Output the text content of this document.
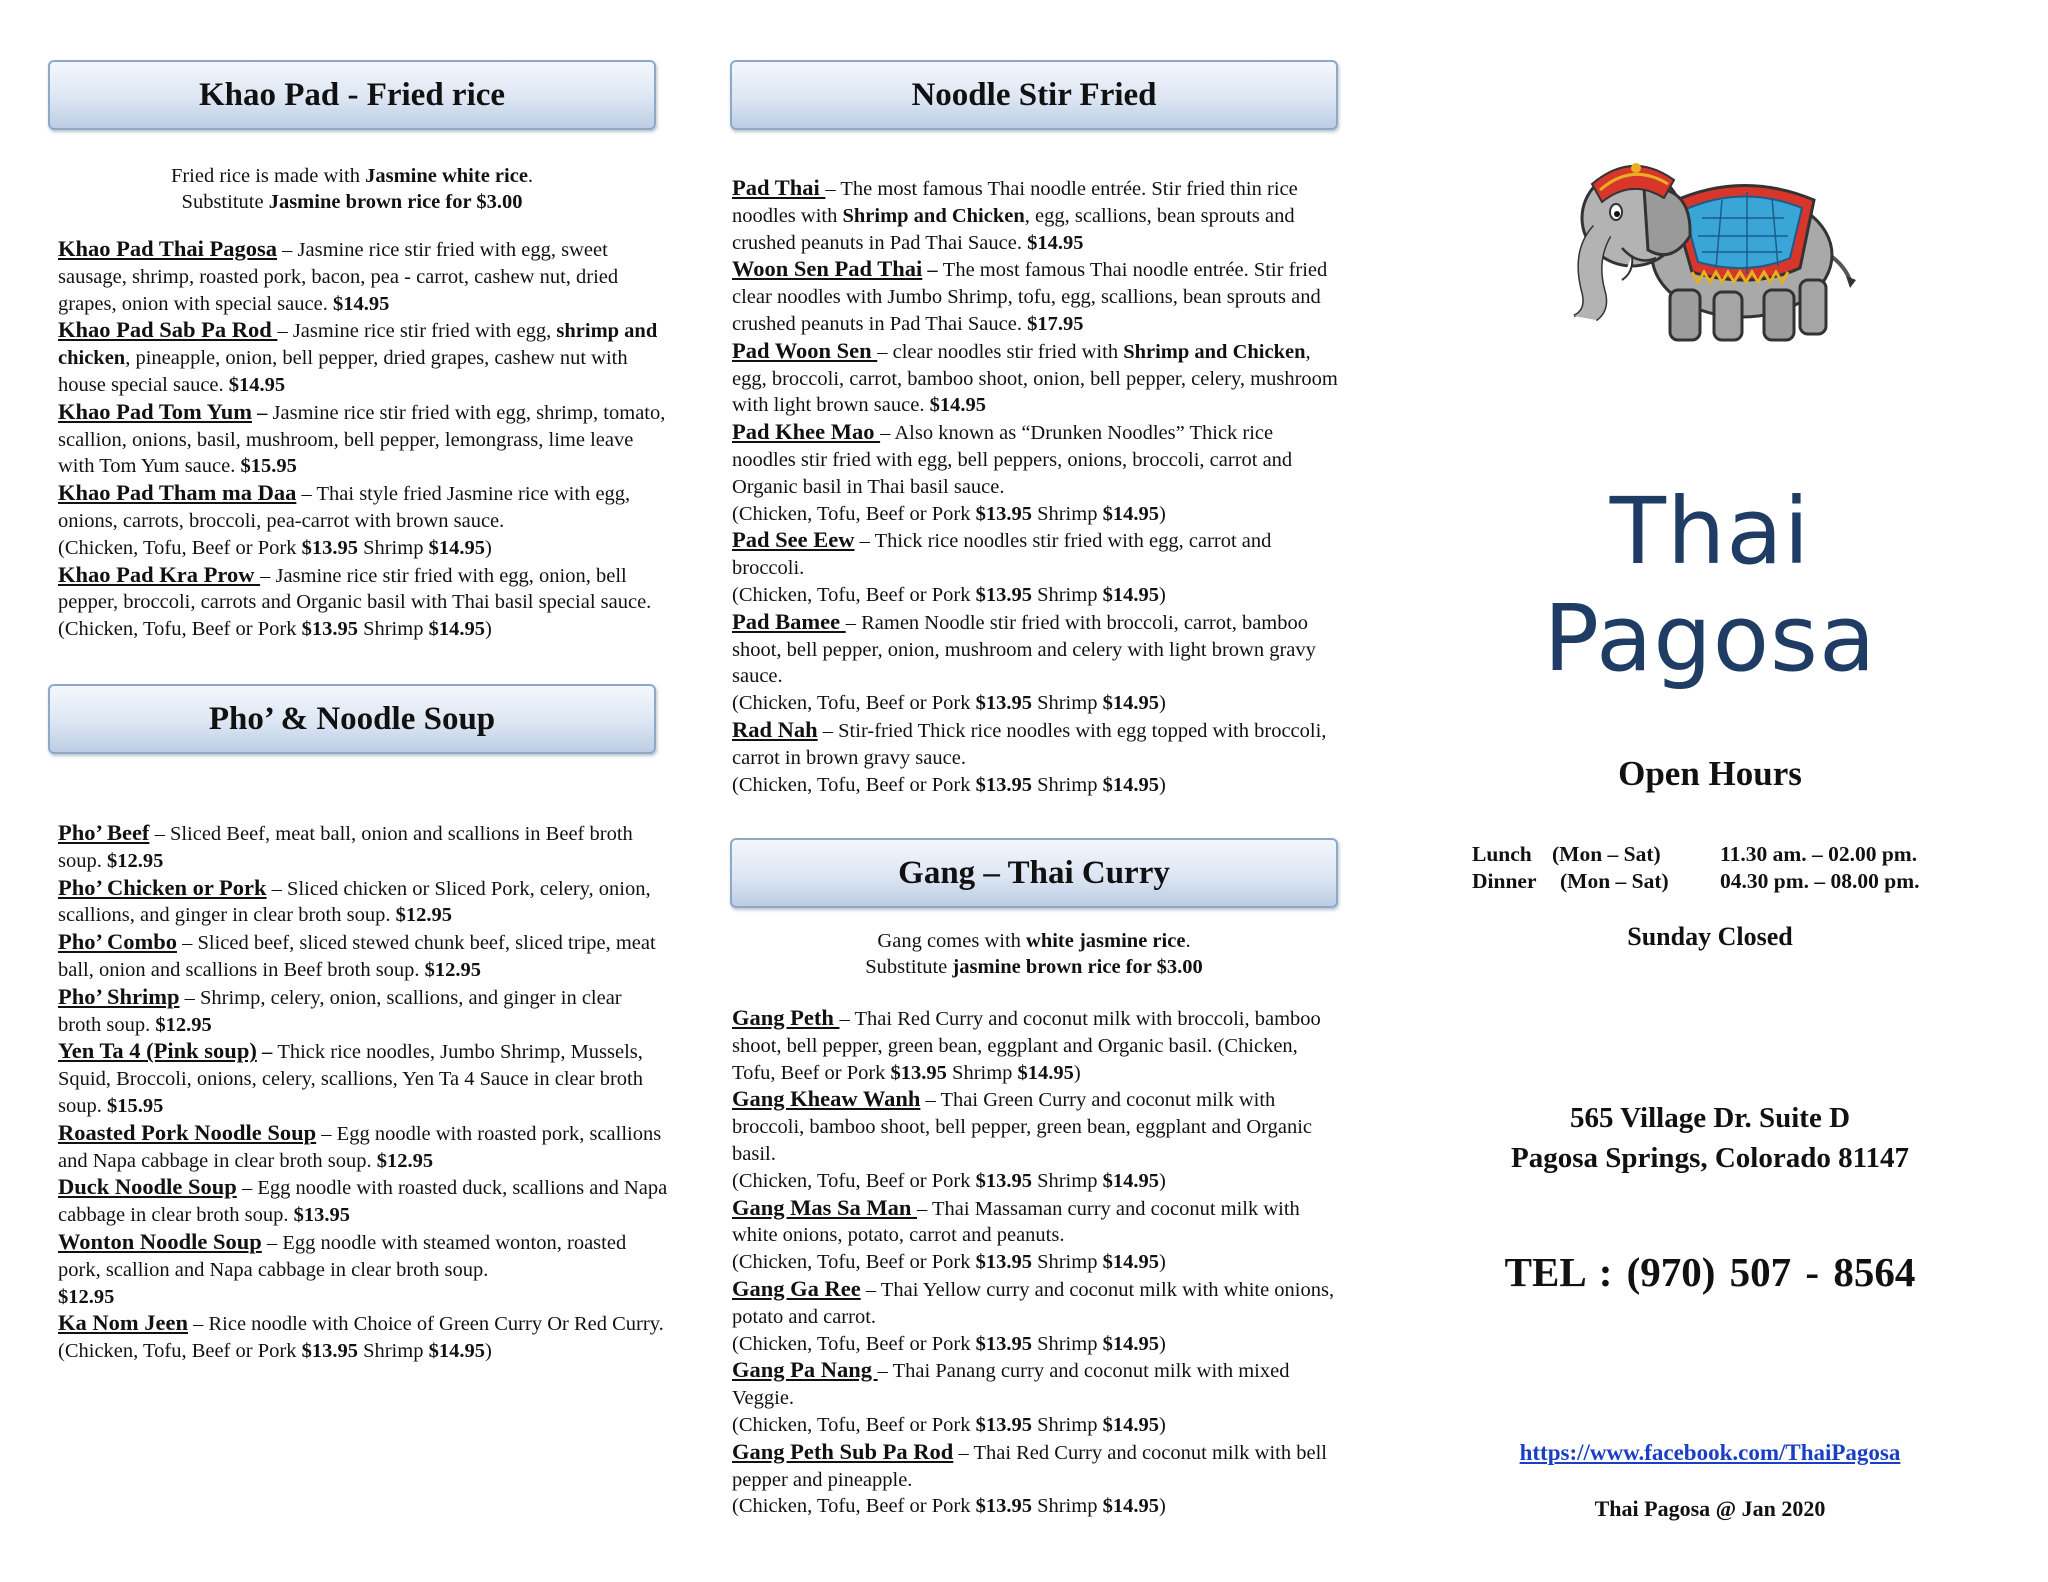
Khao Pad - Fried rice
Fried rice is made with Jasmine white rice.
Substitute Jasmine brown rice for $3.00

Khao Pad Thai Pagosa – Jasmine rice stir fried with egg, sweet sausage, shrimp, roasted pork, bacon, pea - carrot, cashew nut, dried grapes, onion with special sauce. $14.95

Khao Pad Sab Pa Rod – Jasmine rice stir fried with egg, shrimp and chicken, pineapple, onion, bell pepper, dried grapes, cashew nut with house special sauce. $14.95

Khao Pad Tom Yum – Jasmine rice stir fried with egg, shrimp, tomato, scallion, onions, basil, mushroom, bell pepper, lemongrass, lime leave with Tom Yum sauce. $15.95

Khao Pad Tham ma Daa – Thai style fried Jasmine rice with egg, onions, carrots, broccoli, pea-carrot with brown sauce.
(Chicken, Tofu, Beef or Pork $13.95 Shrimp $14.95)

Khao Pad Kra Prow – Jasmine rice stir fried with egg, onion, bell pepper, broccoli, carrots and Organic basil with Thai basil special sauce.
(Chicken, Tofu, Beef or Pork $13.95 Shrimp $14.95)

Pho’ & Noodle Soup

Pho’ Beef – Sliced Beef, meat ball, onion and scallions in Beef broth soup. $12.95

Pho’ Chicken or Pork – Sliced chicken or Sliced Pork, celery, onion, scallions, and ginger in clear broth soup. $12.95

Pho’ Combo – Sliced beef, sliced stewed chunk beef, sliced tripe, meat ball, onion and scallions in Beef broth soup. $12.95

Pho’ Shrimp – Shrimp, celery, onion, scallions, and ginger in clear broth soup. $12.95

Yen Ta 4 (Pink soup) – Thick rice noodles, Jumbo Shrimp, Mussels, Squid, Broccoli, onions, celery, scallions, Yen Ta 4 Sauce in clear broth soup. $15.95

Roasted Pork Noodle Soup – Egg noodle with roasted pork, scallions and Napa cabbage in clear broth soup. $12.95

Duck Noodle Soup – Egg noodle with roasted duck, scallions and Napa cabbage in clear broth soup. $13.95

Wonton Noodle Soup – Egg noodle with steamed wonton, roasted pork, scallion and Napa cabbage in clear broth soup.
$12.95

Ka Nom Jeen – Rice noodle with Choice of Green Curry Or Red Curry.
(Chicken, Tofu, Beef or Pork $13.95 Shrimp $14.95)

Noodle Stir Fried

Pad Thai – The most famous Thai noodle entrée. Stir fried thin rice noodles with Shrimp and Chicken, egg, scallions, bean sprouts and crushed peanuts in Pad Thai Sauce. $14.95

Woon Sen Pad Thai – The most famous Thai noodle entrée. Stir fried clear noodles with Jumbo Shrimp, tofu, egg, scallions, bean sprouts and crushed peanuts in Pad Thai Sauce. $17.95

Pad Woon Sen – clear noodles stir fried with Shrimp and Chicken, egg, broccoli, carrot, bamboo shoot, onion, bell pepper, celery, mushroom with light brown sauce. $14.95

Pad Khee Mao – Also known as “Drunken Noodles” Thick rice noodles stir fried with egg, bell peppers, onions, broccoli, carrot and Organic basil in Thai basil sauce.
(Chicken, Tofu, Beef or Pork $13.95 Shrimp $14.95)

Pad See Eew – Thick rice noodles stir fried with egg, carrot and broccoli.
(Chicken, Tofu, Beef or Pork $13.95 Shrimp $14.95)

Pad Bamee – Ramen Noodle stir fried with broccoli, carrot, bamboo shoot, bell pepper, onion, mushroom and celery with light brown gravy sauce.
(Chicken, Tofu, Beef or Pork $13.95 Shrimp $14.95)

Rad Nah – Stir-fried Thick rice noodles with egg topped with broccoli, carrot in brown gravy sauce.
(Chicken, Tofu, Beef or Pork $13.95 Shrimp $14.95)

Gang – Thai Curry
Gang comes with white jasmine rice.
Substitute jasmine brown rice for $3.00

Gang Peth – Thai Red Curry and coconut milk with broccoli, bamboo shoot, bell pepper, green bean, eggplant and Organic basil. (Chicken, Tofu, Beef or Pork $13.95 Shrimp $14.95)

Gang Kheaw Wanh – Thai Green Curry and coconut milk with broccoli, bamboo shoot, bell pepper, green bean, eggplant and Organic basil.
(Chicken, Tofu, Beef or Pork $13.95 Shrimp $14.95)

Gang Mas Sa Man – Thai Massaman curry and coconut milk with white onions, potato, carrot and peanuts.
(Chicken, Tofu, Beef or Pork $13.95 Shrimp $14.95)

Gang Ga Ree – Thai Yellow curry and coconut milk with white onions, potato and carrot.
(Chicken, Tofu, Beef or Pork $13.95 Shrimp $14.95)

Gang Pa Nang – Thai Panang curry and coconut milk with mixed Veggie.
(Chicken, Tofu, Beef or Pork $13.95 Shrimp $14.95)

Gang Peth Sub Pa Rod – Thai Red Curry and coconut milk with bell pepper and pineapple.
(Chicken, Tofu, Beef or Pork $13.95 Shrimp $14.95)

Thai Pagosa
Open Hours
Lunch (Mon – Sat)	11.30 am. – 02.00 pm.
Dinner (Mon – Sat) 04.30 pm. – 08.00 pm.
Sunday Closed
565 Village Dr. Suite D
Pagosa Springs, Colorado 81147
TEL : (970) 507 - 8564
https://www.facebook.com/ThaiPagosa
Thai Pagosa @ Jan 2020
